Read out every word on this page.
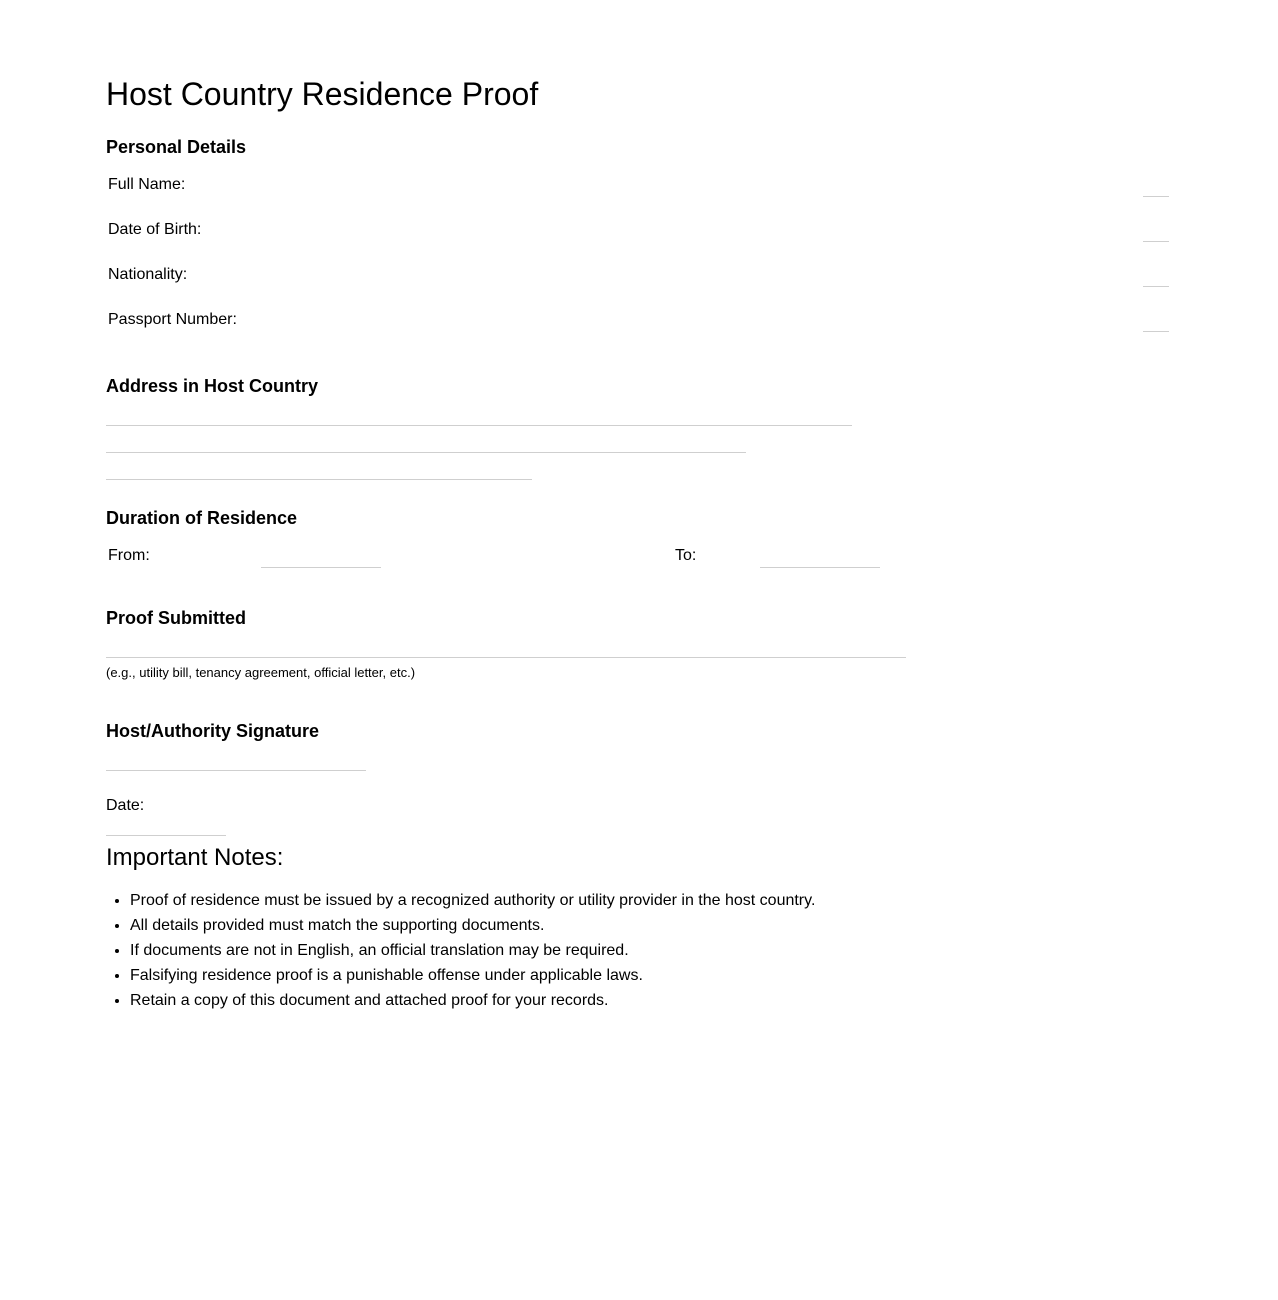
Host Country Residence Proof
Personal Details
Full Name:
Date of Birth:
Nationality:
Passport Number:
Address in Host Country
Duration of Residence
From:	To:
Proof Submitted
(e.g., utility bill, tenancy agreement, official letter, etc.)
Host/Authority Signature
Date:
Important Notes:
• Proof of residence must be issued by a recognized authority or utility provider in the host country.
• All details provided must match the supporting documents.
• If documents are not in English, an official translation may be required.
• Falsifying residence proof is a punishable offense under applicable laws.
• Retain a copy of this document and attached proof for your records.
